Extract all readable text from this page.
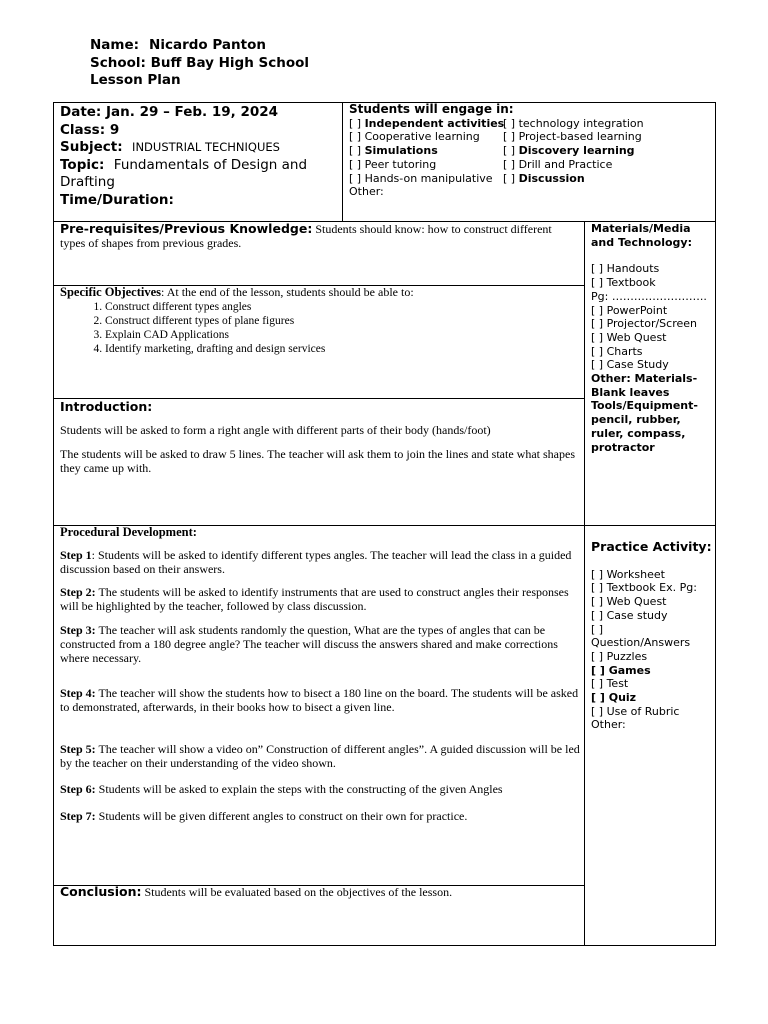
Name: Nicardo Panton
School: Buff Bay High School
Lesson Plan
Date: Jan. 29 – Feb. 19, 2024
Class: 9
Subject: INDUSTRIAL TECHNIQUES
Topic: Fundamentals of Design and Drafting
Time/Duration:
Students will engage in:
[ ] Independent activities
[ ] technology integration
[ ] Cooperative learning [ ] Project-based learning
[ ] Simulations	[ ] Discovery learning
[ ] Peer tutoring	[ ] Drill and Practice
[ ] Hands-on manipulative [ ] Discussion
Other:
Pre-requisites/Previous Knowledge: Students should know: how to construct different types of shapes from previous grades.
Specific Objectives: At the end of the lesson, students should be able to:
1. Construct different types angles
2. Construct different types of plane figures
3. Explain CAD Applications
4. Identify marketing, drafting and design services
Introduction:
Students will be asked to form a right angle with different parts of their body (hands/foot)
The students will be asked to draw 5 lines. The teacher will ask them to join the lines and state what shapes they came up with.
Procedural Development:
Step 1: Students will be asked to identify different types angles. The teacher will lead the class in a guided discussion based on their answers.
Step 2: The students will be asked to identify instruments that are used to construct angles their responses will be highlighted by the teacher, followed by class discussion.
Step 3: The teacher will ask students randomly the question, What are the types of angles that can be constructed from a 180 degree angle? The teacher will discuss the answers shared and make corrections where necessary.
Step 4: The teacher will show the students how to bisect a 180 line on the board. The students will be asked to demonstrated, afterwards, in their books how to bisect a given line.
Step 5: The teacher will show a video on” Construction of different angles”. A guided discussion will be led by the teacher on their understanding of the video shown.
Step 6: Students will be asked to explain the steps with the constructing of the given Angles
Step 7: Students will be given different angles to construct on their own for practice.
Conclusion: Students will be evaluated based on the objectives of the lesson.
Materials/Media and Technology:
[ ] Handouts
[ ] Textbook
Pg: ……………………..
[ ] PowerPoint
[ ] Projector/Screen
[ ] Web Quest
[ ] Charts
[ ] Case Study
Other: Materials-Blank leaves Tools/Equipment- pencil, rubber, ruler, compass, protractor
Practice Activity:
[ ] Worksheet
[ ] Textbook Ex. Pg:
[ ] Web Quest
[ ] Case study
[ ]
Question/Answers
[ ] Puzzles
[ ] Games
[ ] Test
[ ] Quiz
[ ] Use of Rubric
Other:
